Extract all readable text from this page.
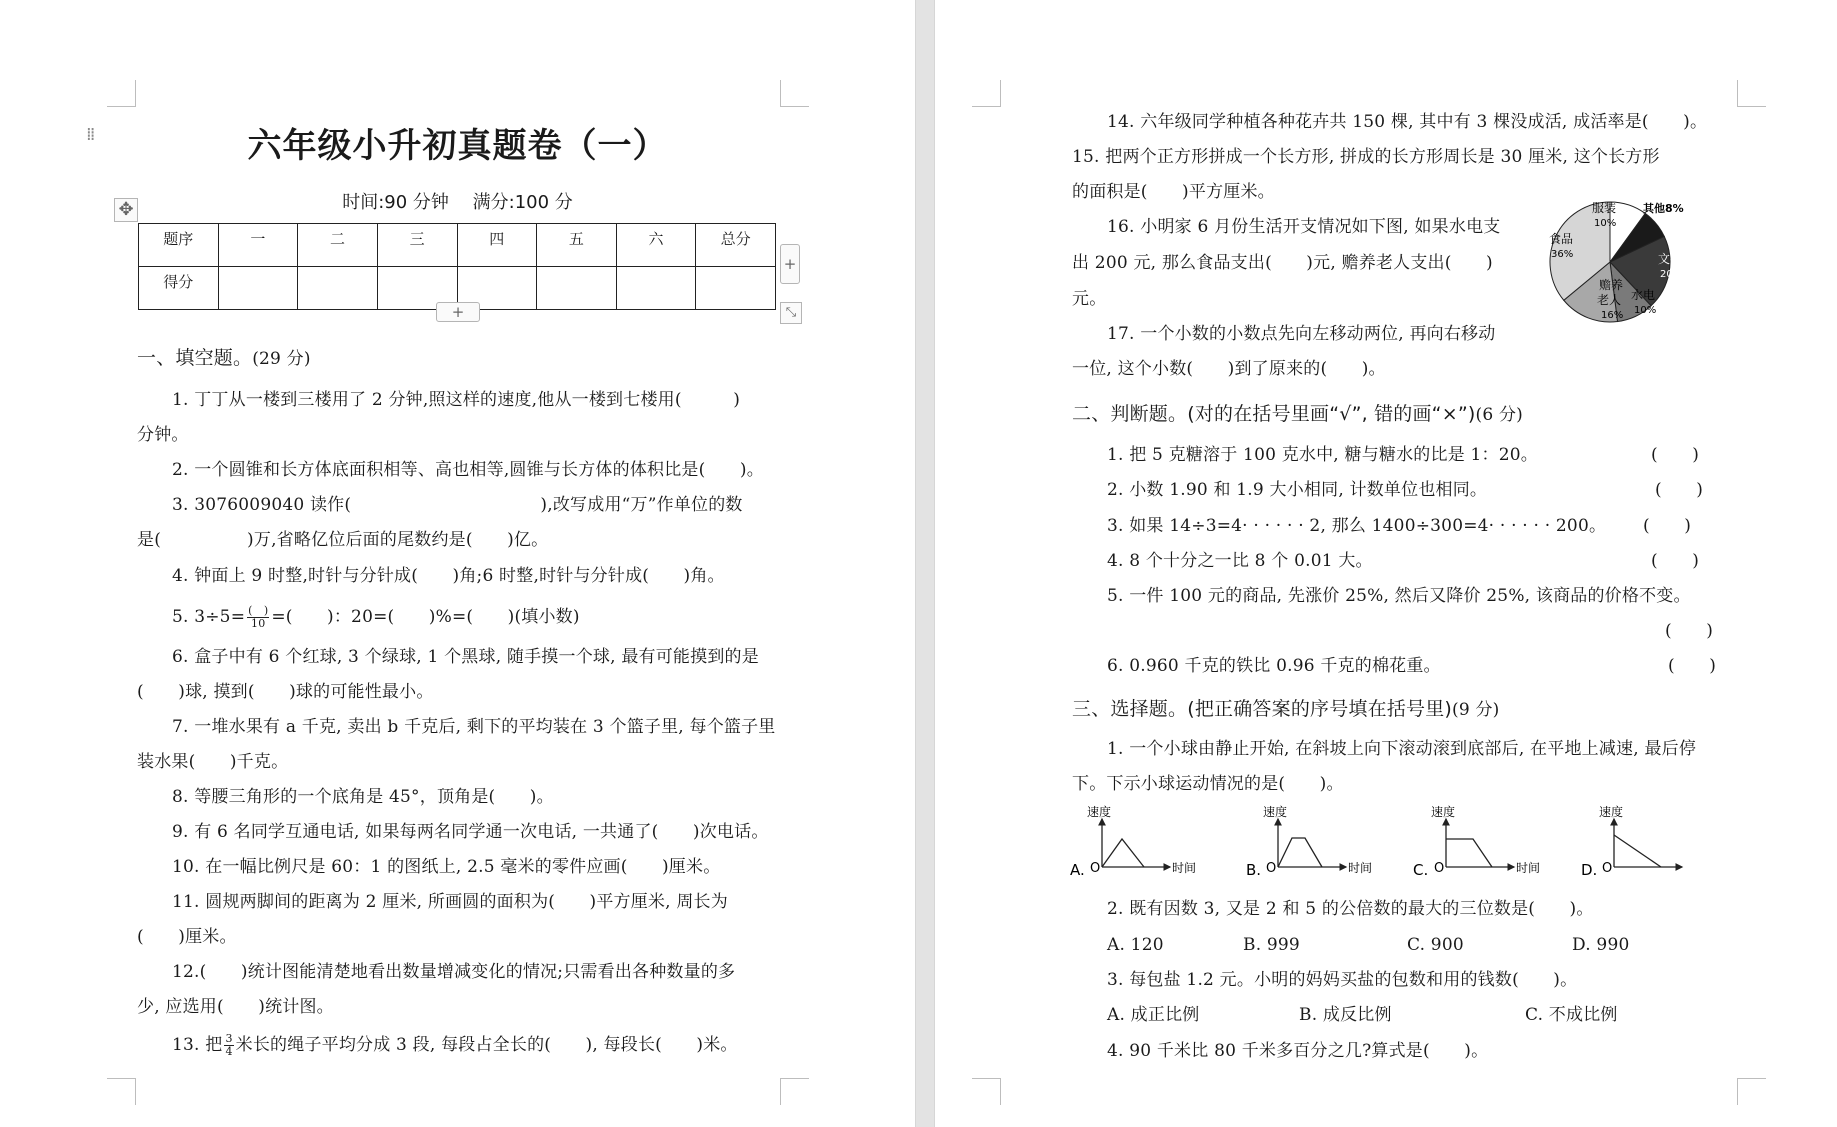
⁞⁞	六年级小升初真题卷（一）
时间:90 分钟 满分:100 分
✥
题序	一	二	三	四	五	六	总分
得分							
+
+	⤡
一、填空题。(29 分)
1. 丁丁从一楼到三楼用了 2 分钟,照这样的速度,他从一楼到七楼用(　　　)
分钟。
2. 一个圆锥和长方体底面积相等、高也相等,圆锥与长方体的体积比是(　　)。
3. 3076009040 读作(　　　　　　　　　　　),改写成用“万”作单位的数
是(　　　　　)万,省略亿位后面的尾数约是(　　)亿。
4. 钟面上 9 时整,时针与分针成(　　)角;6 时整,时针与分针成(　　)角。
5. $3\div 5= \frac{( )}{10}$ =(　　)：20=(　　)%=(　　)(填小数)
6. 盒子中有 6 个红球, 3 个绿球, 1 个黑球, 随手摸一个球, 最有可能摸到的是
(　　)球, 摸到(　　)球的可能性最小。
7. 一堆水果有 a 千克, 卖出 b 千克后, 剩下的平均装在 3 个篮子里, 每个篮子里
装水果(　　)千克。
8. 等腰三角形的一个底角是 45°，顶角是(　　)。
9. 有 6 名同学互通电话, 如果每两名同学通一次电话, 一共通了(　　)次电话。
10. 在一幅比例尺是 60：1 的图纸上, 2.5 毫米的零件应画(　　)厘米。
11. 圆规两脚间的距离为 2 厘米, 所画圆的面积为(　　)平方厘米, 周长为
(　　)厘米。
12.(　　)统计图能清楚地看出数量增减变化的情况;只需看出各种数量的多
少, 应选用(　　)统计图。
13. 把 $\frac{3}{4}$ 米长的绳子平均分成 3 段, 每段占全长的(　　), 每段长(　　)米。
14. 六年级同学种植各种花卉共 150 棵, 其中有 3 棵没成活, 成活率是(　　)。
15. 把两个正方形拼成一个长方形, 拼成的长方形周长是 30 厘米, 这个长方形
的面积是(　　)平方厘米。
16. 小明家 6 月份生活开支情况如下图, 如果水电支
出 200 元, 那么食品支出(　　)元, 赡养老人支出(　　)
元。
17. 一个小数的小数点先向左移动两位, 再向右移动
一位, 这个小数(　　)到了原来的(　　)。
服装
10%
其他8%
文化
20%
水电
10%
赡养
老人
16%
食品
36%
二、判断题。(对的在括号里画“√”, 错的画“×”)(6 分)
1. 把 5 克糖溶于 100 克水中, 糖与糖水的比是 1：20。	(　　)
2. 小数 1.90 和 1.9 大小相同, 计数单位也相同。	(　　)
3. 如果 14÷3=4· · · · · · 2, 那么 1400÷300=4· · · · · · 200。 (　　)
4. 8 个十分之一比 8 个 0.01 大。	(　　)
5. 一件 100 元的商品, 先涨价 25%, 然后又降价 25%, 该商品的价格不变。
(　　)
6. 0.960 千克的铁比 0.96 千克的棉花重。	(　　)
三、选择题。(把正确答案的序号填在括号里)(9 分)
1. 一个小球由静止开始, 在斜坡上向下滚动滚到底部后, 在平地上减速, 最后停
下。下示小球运动情况的是(　　)。
A.
速度
O	时间	B.
速度
O	时间	C.
速度
O	时间	D.
速度
O
2. 既有因数 3, 又是 2 和 5 的公倍数的最大的三位数是(　　)。
A. 120	B. 999	C. 900	D. 990
3. 每包盐 1.2 元。小明的妈妈买盐的包数和用的钱数(　　)。
A. 成正比例	B. 成反比例	C. 不成比例
4. 90 千米比 80 千米多百分之几?算式是(　　)。
